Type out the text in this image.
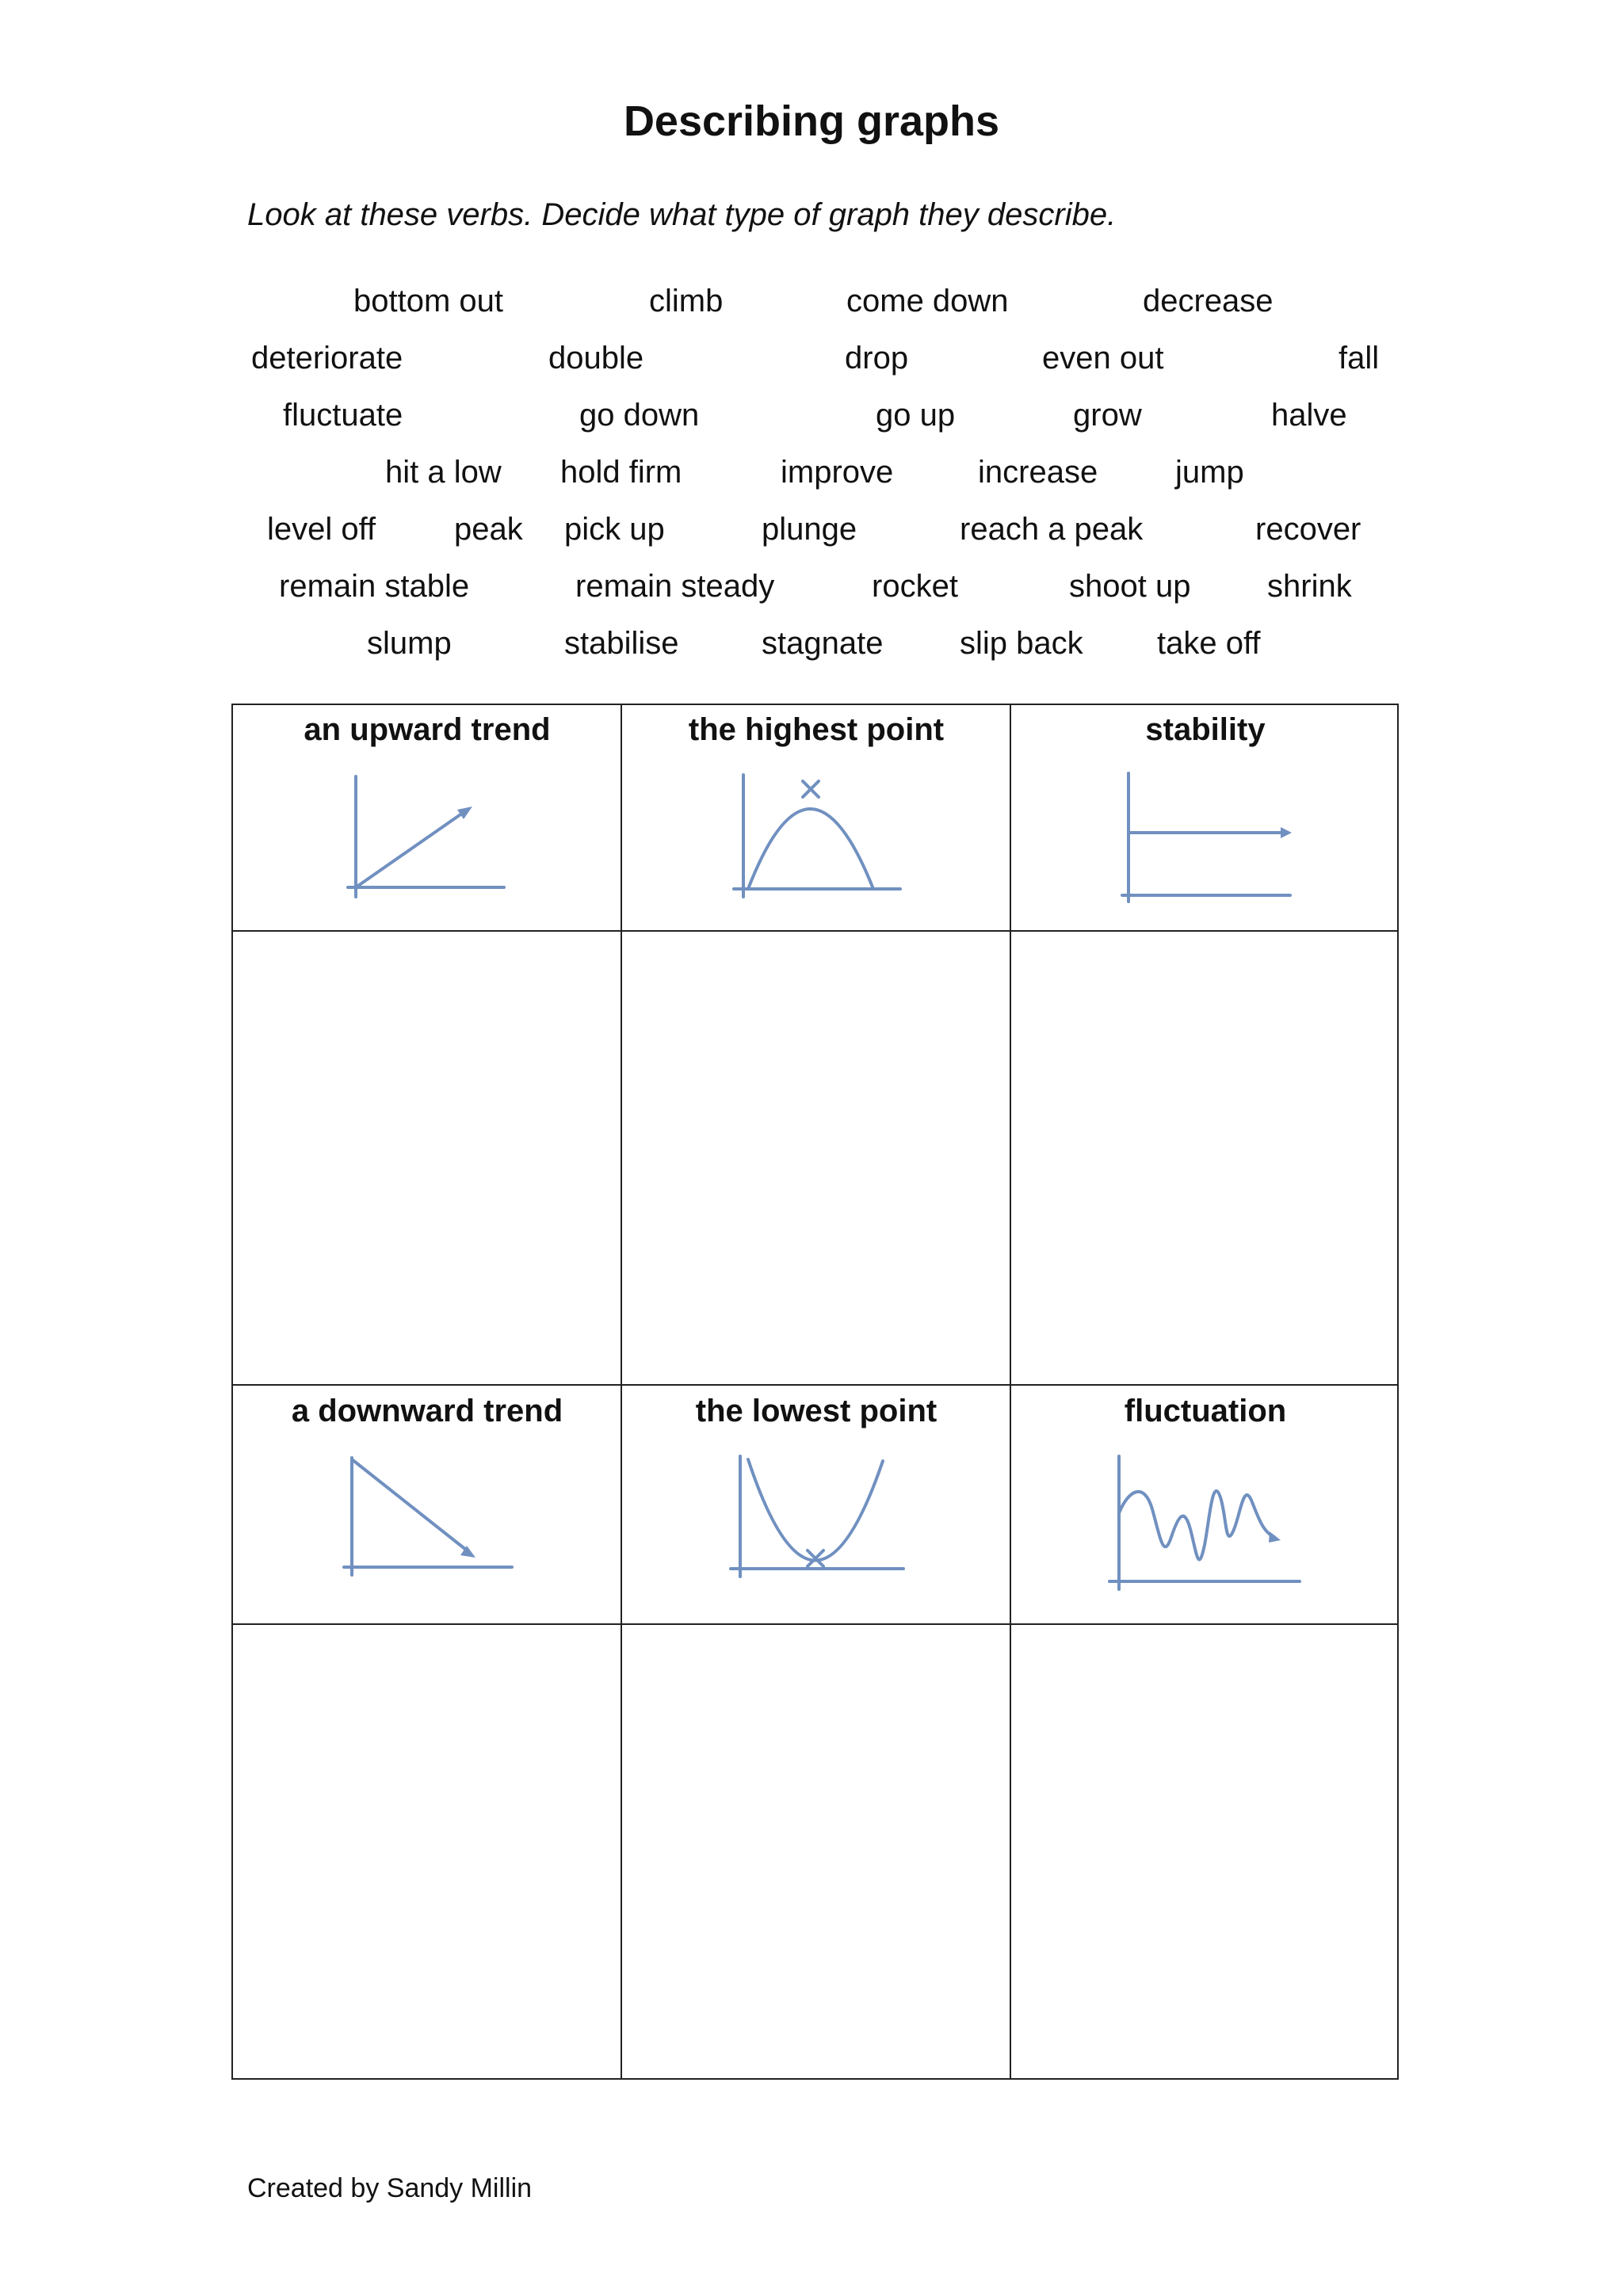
Describing graphs
Look at these verbs. Decide what type of graph they describe.
bottom out	climb	come down	decrease
deteriorate	double	drop	even out	fall
fluctuate	go down	go up	grow	halve
hit a low hold firm	improve	increase jump
level off peak pick up	plunge	reach a peak	recover
remain stable	remain steady	rocket	shoot up shrink
slump	stabilise	stagnate slip back take off
an upward trend	the highest point	stability
a downward trend	the lowest point	fluctuation
Created by Sandy Millin
